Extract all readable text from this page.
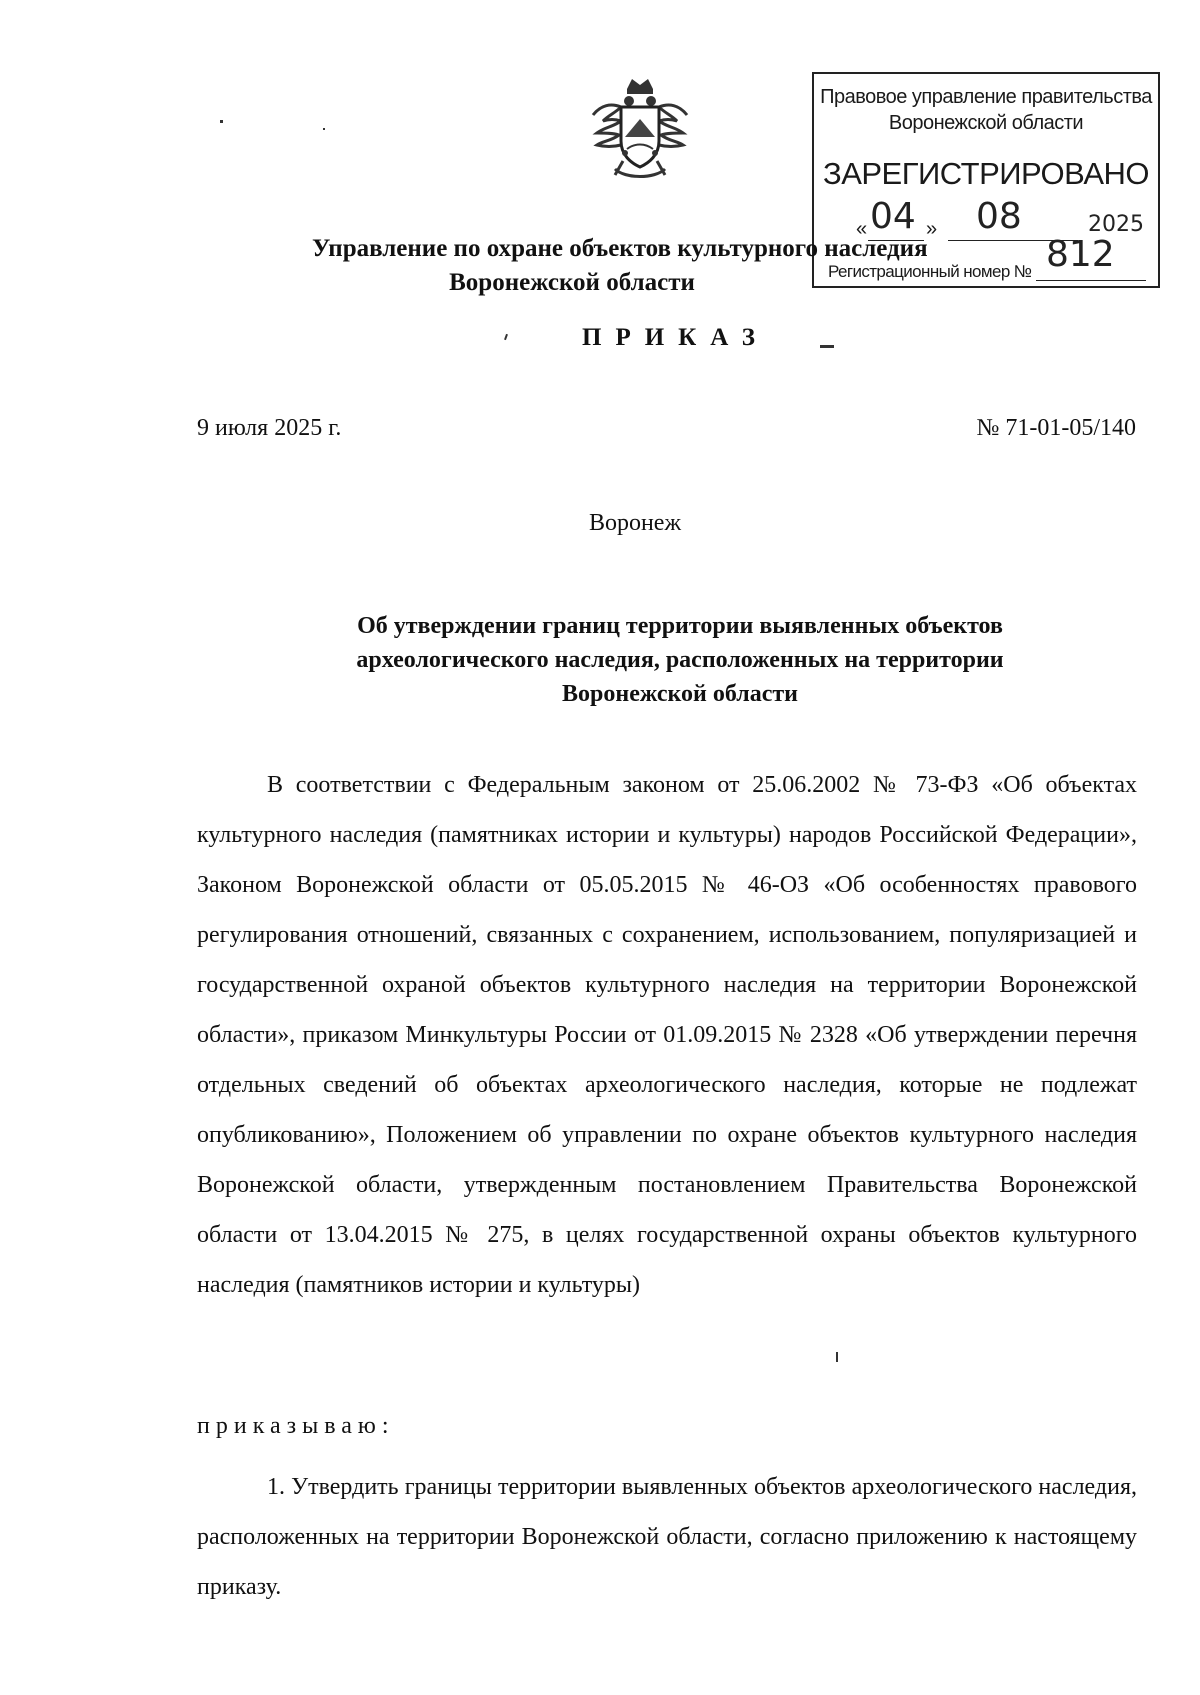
Правовое управление правительства
Воронежской области
ЗАРЕГИСТРИРОВАНО
« 04 » 08	2025
Регистрационный номер № 812
Управление по охране объектов культурного наследия
Воронежской области
ПРИКАЗ
9 июля 2025 г.	№ 71-01-05/140
Воронеж
Об утверждении границ территории выявленных объектов
археологического наследия, расположенных на территории
Воронежской области
В соответствии с Федеральным законом от 25.06.2002 № 73-ФЗ «Об объектах культурного наследия (памятниках истории и культуры) народов Российской Федерации», Законом Воронежской области от 05.05.2015 № 46-ОЗ «Об особенностях правового регулирования отношений, связанных с сохранением, использованием, популяризацией и государственной охраной объектов культурного наследия на территории Воронежской области», приказом Минкультуры России от 01.09.2015 № 2328 «Об утверждении перечня отдельных сведений об объектах археологического наследия, которые не подлежат опубликованию», Положением об управлении по охране объектов культурного наследия Воронежской области, утвержденным постановлением Правительства Воронежской области от 13.04.2015 № 275, в целях государственной охраны объектов культурного наследия (памятников истории и культуры)
приказываю:
1. Утвердить границы территории выявленных объектов археологического наследия, расположенных на территории Воронежской области, согласно приложению к настоящему приказу.
